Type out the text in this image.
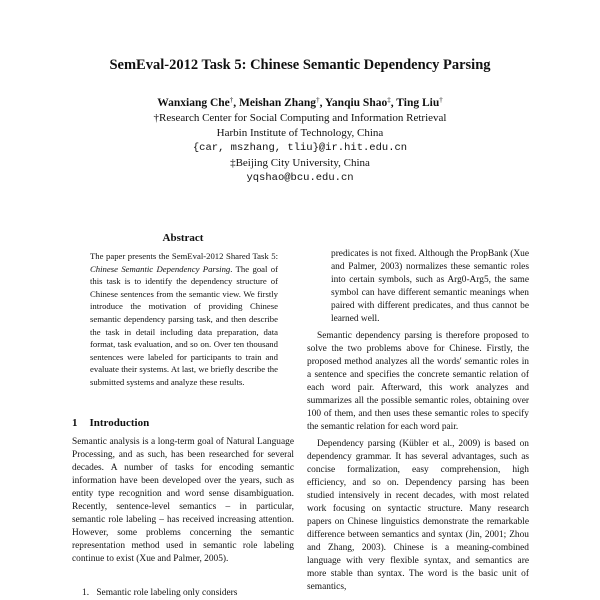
SemEval-2012 Task 5: Chinese Semantic Dependency Parsing
Wanxiang Che†, Meishan Zhang†, Yanqiu Shao‡, Ting Liu†
†Research Center for Social Computing and Information Retrieval
Harbin Institute of Technology, China
{car, mszhang, tliu}@ir.hit.edu.cn
‡Beijing City University, China
yqshao@bcu.edu.cn
Abstract
The paper presents the SemEval-2012 Shared Task 5: Chinese Semantic Dependency Parsing. The goal of this task is to identify the dependency structure of Chinese sentences from the semantic view. We firstly introduce the motivation of providing Chinese semantic dependency parsing task, and then describe the task in detail including data preparation, data format, task evaluation, and so on. Over ten thousand sentences were labeled for participants to train and evaluate their systems. At last, we briefly describe the submitted systems and analyze these results.
1 Introduction

Semantic analysis is a long-term goal of Natural Language Processing, and as such, has been researched for several decades. A number of tasks for encoding semantic information have been developed over the years, such as entity type recognition and word sense disambiguation. Recently, sentence-level semantics – in particular, semantic role labeling – has received increasing attention. However, some problems concerning the semantic representation method used in semantic role labeling continue to exist (Xue and Palmer, 2005).

1. Semantic role labeling only considers

predicates is not fixed. Although the PropBank (Xue and Palmer, 2003) normalizes these semantic roles into certain symbols, such as Arg0-Arg5, the same symbol can have different semantic meanings when paired with different predicates, and thus cannot be learned well.

Semantic dependency parsing is therefore proposed to solve the two problems above for Chinese. Firstly, the proposed method analyzes all the words' semantic roles in a sentence and specifies the concrete semantic relation of each word pair. Afterward, this work analyzes and summarizes all the possible semantic roles, obtaining over 100 of them, and then uses these semantic roles to specify the semantic relation for each word pair.

Dependency parsing (Kübler et al., 2009) is based on dependency grammar. It has several advantages, such as concise formalization, easy comprehension, high efficiency, and so on. Dependency parsing has been studied intensively in recent decades, with most related work focusing on syntactic structure. Many research papers on Chinese linguistics demonstrate the remarkable difference between semantics and syntax (Jin, 2001; Zhou and Zhang, 2003). Chinese is a meaning-combined language with very flexible syntax, and semantics are more stable than syntax. The word is the basic unit of semantics,
